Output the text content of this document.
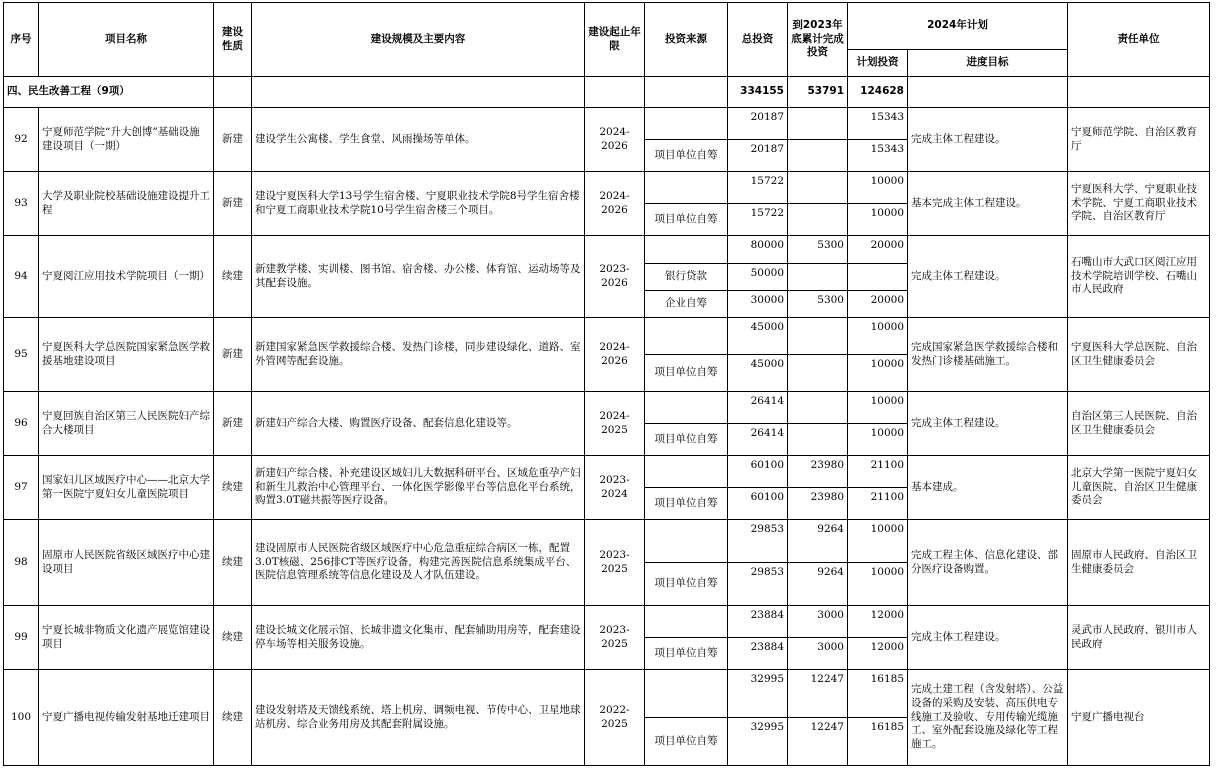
序号	项目名称	建设性质	建设规模及主要内容	建设起止年限	投资来源	总投资	到2023年底累计完成投资	2024年计划		责任单位
								计划投资	进度目标	
四、民生改善工程（9项）						334155	53791	124628		
92	宁夏师范学院“升大创博”基础设施建设项目（一期）	新建	建设学生公寓楼、学生食堂、风雨操场等单体。	2024-2026		20187		15343	完成主体工程建设。	宁夏师范学院、自治区教育厅
					项目单位自筹	20187		15343		
93	大学及职业院校基础设施建设提升工程	新建	建设宁夏医科大学13号学生宿舍楼、宁夏职业技术学院8号学生宿舍楼和宁夏工商职业技术学院10号学生宿舍楼三个项目。	2024-2026		15722		10000	基本完成主体工程建设。	宁夏医科大学、宁夏职业技术学院、宁夏工商职业技术学院、自治区教育厅
					项目单位自筹	15722		10000		
94	宁夏阅江应用技术学院项目（一期）	续建	新建教学楼、实训楼、图书馆、宿舍楼、办公楼、体育馆、运动场等及其配套设施。	2023-2026		80000	5300	20000	完成主体工程建设。	石嘴山市大武口区阅江应用技术学院培训学校、石嘴山市人民政府
					银行贷款	50000				
					企业自筹	30000	5300	20000		
95	宁夏医科大学总医院国家紧急医学救援基地建设项目	新建	新建国家紧急医学救援综合楼、发热门诊楼，同步建设绿化、道路、室外管网等配套设施。	2024-2026		45000		10000	完成国家紧急医学救援综合楼和发热门诊楼基础施工。	宁夏医科大学总医院、自治区卫生健康委员会
					项目单位自筹	45000		10000		
96	宁夏回族自治区第三人民医院妇产综合大楼项目	新建	新建妇产综合大楼、购置医疗设备、配套信息化建设等。	2024-2025		26414		10000	完成主体工程建设。	自治区第三人民医院、自治区卫生健康委员会
					项目单位自筹	26414		10000		
97	国家妇儿区域医疗中心——北京大学第一医院宁夏妇女儿童医院项目	续建	新建妇产综合楼、补充建设区域妇儿大数据科研平台、区域危重孕产妇和新生儿救治中心管理平台、一体化医学影像平台等信息化平台系统，购置3.0T磁共振等医疗设备。	2023-2024		60100	23980	21100	基本建成。	北京大学第一医院宁夏妇女儿童医院、自治区卫生健康委员会
					项目单位自筹	60100	23980	21100		
98	固原市人民医院省级区域医疗中心建设项目	续建	建设固原市人民医院省级区域医疗中心危急重症综合病区一栋，配置3.0T核磁、256排CT等医疗设备，构建完善医院信息系统集成平台、医院信息管理系统等信息化建设及人才队伍建设。	2023-2025		29853	9264	10000	完成工程主体、信息化建设、部分医疗设备购置。	固原市人民政府、自治区卫生健康委员会
					项目单位自筹	29853	9264	10000		
99	宁夏长城非物质文化遗产展览馆建设项目	续建	建设长城文化展示馆、长城非遗文化集市、配套辅助用房等，配套建设停车场等相关服务设施。	2023-2025		23884	3000	12000	完成主体工程建设。	灵武市人民政府、银川市人民政府
					项目单位自筹	23884	3000	12000		
100	宁夏广播电视传输发射基地迁建项目	续建	建设发射塔及天馈线系统、塔上机房、调频电视、节传中心、卫星地球站机房、综合业务用房及其配套附属设施。	2022-2025		32995	12247	16185	完成土建工程（含发射塔）、公益设备的采购及安装、高压供电专线施工及验收、专用传输光缆施工、室外配套设施及绿化等工程施工。	宁夏广播电视台
					项目单位自筹	32995	12247	16185		
